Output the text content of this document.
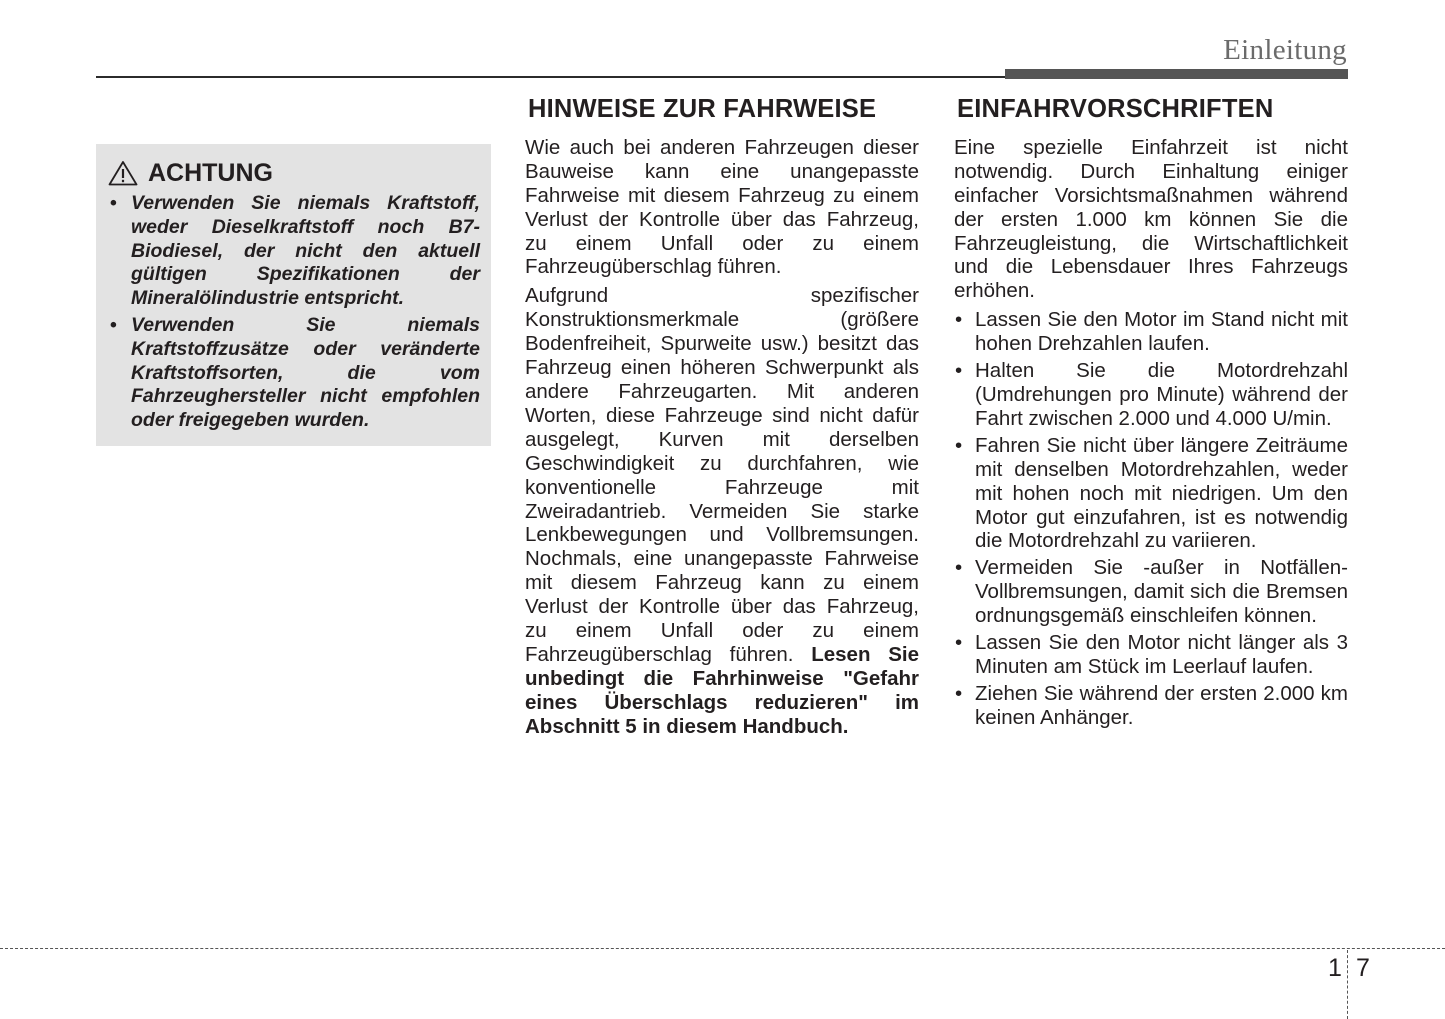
Einleitung
ACHTUNG
• Verwenden Sie niemals Kraftstoff, weder Dieselkraftstoff noch B7-Biodiesel, der nicht den aktuell gültigen Spezifikationen der Mineralölindustrie entspricht.
• Verwenden Sie niemals Kraftstoffzusätze oder veränderte Kraftstoffsorten, die vom Fahrzeughersteller nicht empfohlen oder freigegeben wurden.
HINWEISE ZUR FAHRWEISE

Wie auch bei anderen Fahrzeugen dieser Bauweise kann eine unangepasste Fahrweise mit diesem Fahrzeug zu einem Verlust der Kontrolle über das Fahrzeug, zu einem Unfall oder zu einem Fahrzeugüberschlag führen.

Aufgrund spezifischer Konstruktionsmerkmale (größere Bodenfreiheit, Spurweite usw.) besitzt das Fahrzeug einen höheren Schwerpunkt als andere Fahrzeugarten. Mit anderen Worten, diese Fahrzeuge sind nicht dafür ausgelegt, Kurven mit derselben Geschwindigkeit zu durchfahren, wie konventionelle Fahrzeuge mit Zweiradantrieb. Vermeiden Sie starke Lenkbewegungen und Vollbremsungen. Nochmals, eine unangepasste Fahrweise mit diesem Fahrzeug kann zu einem Verlust der Kontrolle über das Fahrzeug, zu einem Unfall oder zu einem Fahrzeugüberschlag führen. Lesen Sie unbedingt die Fahrhinweise "Gefahr eines Überschlags reduzieren" im Abschnitt 5 in diesem Handbuch.

EINFAHRVORSCHRIFTEN

Eine spezielle Einfahrzeit ist nicht notwendig. Durch Einhaltung einiger einfacher Vorsichtsmaßnahmen während der ersten 1.000 km können Sie die Fahrzeugleistung, die Wirtschaftlichkeit und die Lebensdauer Ihres Fahrzeugs erhöhen.

• Lassen Sie den Motor im Stand nicht mit hohen Drehzahlen laufen.
• Halten Sie die Motordrehzahl (Umdrehungen pro Minute) während der Fahrt zwischen 2.000 und 4.000 U/min.
• Fahren Sie nicht über längere Zeiträume mit denselben Motordrehzahlen, weder mit hohen noch mit niedrigen. Um den Motor gut einzufahren, ist es notwendig die Motordrehzahl zu variieren.
• Vermeiden Sie -außer in Notfällen- Vollbremsungen, damit sich die Bremsen ordnungsgemäß einschleifen können.
• Lassen Sie den Motor nicht länger als 3 Minuten am Stück im Leerlauf laufen.
• Ziehen Sie während der ersten 2.000 km keinen Anhänger.
1 7
